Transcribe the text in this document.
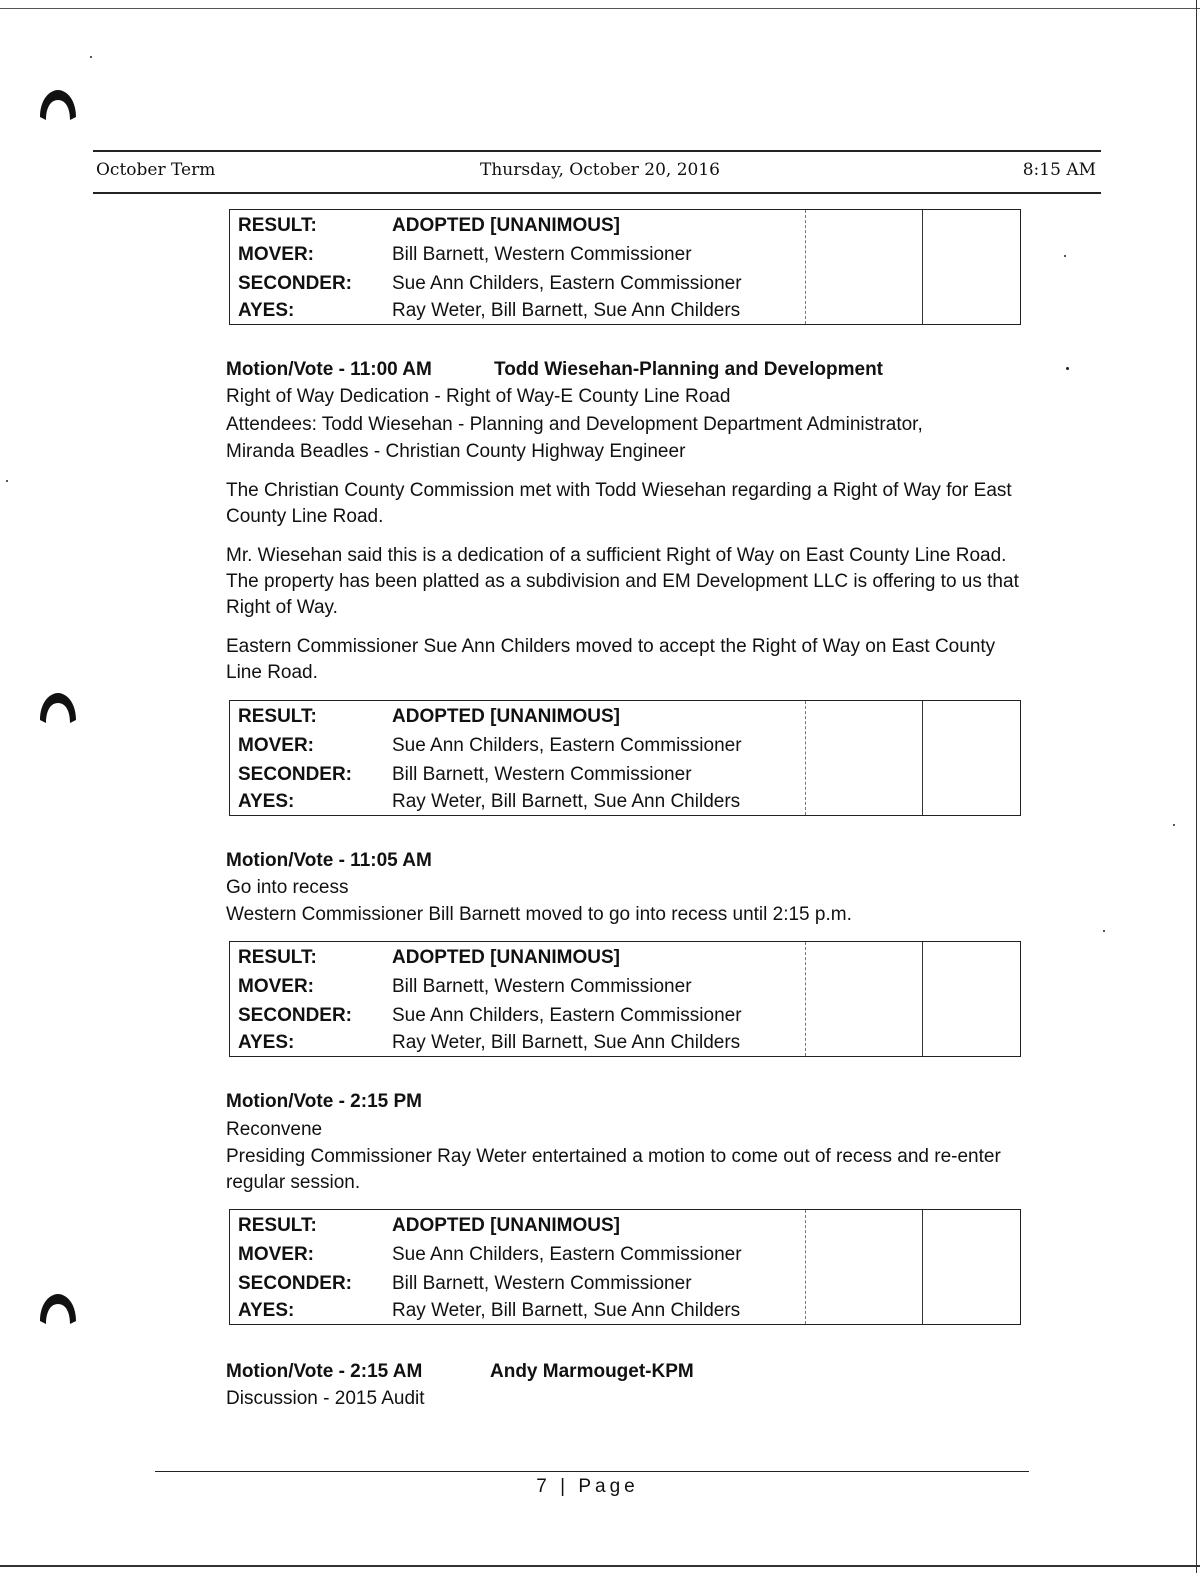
October Term	Thursday, October 20, 2016	8:15 AM
RESULT:	ADOPTED [UNANIMOUS]
MOVER:	Bill Barnett, Western Commissioner
SECONDER: Sue Ann Childers, Eastern Commissioner
AYES:	Ray Weter, Bill Barnett, Sue Ann Childers
Motion/Vote - 11:00 AM	Todd Wiesehan-Planning and Development
Right of Way Dedication - Right of Way-E County Line Road
Attendees: Todd Wiesehan - Planning and Development Department Administrator,
Miranda Beadles - Christian County Highway Engineer
The Christian County Commission met with Todd Wiesehan regarding a Right of Way for East County Line Road.
Mr. Wiesehan said this is a dedication of a sufficient Right of Way on East County Line Road. The property has been platted as a subdivision and EM Development LLC is offering to us that Right of Way.
Eastern Commissioner Sue Ann Childers moved to accept the Right of Way on East County Line Road.
RESULT:	ADOPTED [UNANIMOUS]
MOVER:	Sue Ann Childers, Eastern Commissioner
SECONDER: Bill Barnett, Western Commissioner
AYES:	Ray Weter, Bill Barnett, Sue Ann Childers
Motion/Vote - 11:05 AM
Go into recess
Western Commissioner Bill Barnett moved to go into recess until 2:15 p.m.
RESULT:	ADOPTED [UNANIMOUS]
MOVER:	Bill Barnett, Western Commissioner
SECONDER: Sue Ann Childers, Eastern Commissioner
AYES:	Ray Weter, Bill Barnett, Sue Ann Childers
Motion/Vote - 2:15 PM
Reconvene
Presiding Commissioner Ray Weter entertained a motion to come out of recess and re-enter regular session.
RESULT:	ADOPTED [UNANIMOUS]
MOVER:	Sue Ann Childers, Eastern Commissioner
SECONDER: Bill Barnett, Western Commissioner
AYES:	Ray Weter, Bill Barnett, Sue Ann Childers
Motion/Vote - 2:15 AM	Andy Marmouget-KPM
Discussion - 2015 Audit
7 | Page
